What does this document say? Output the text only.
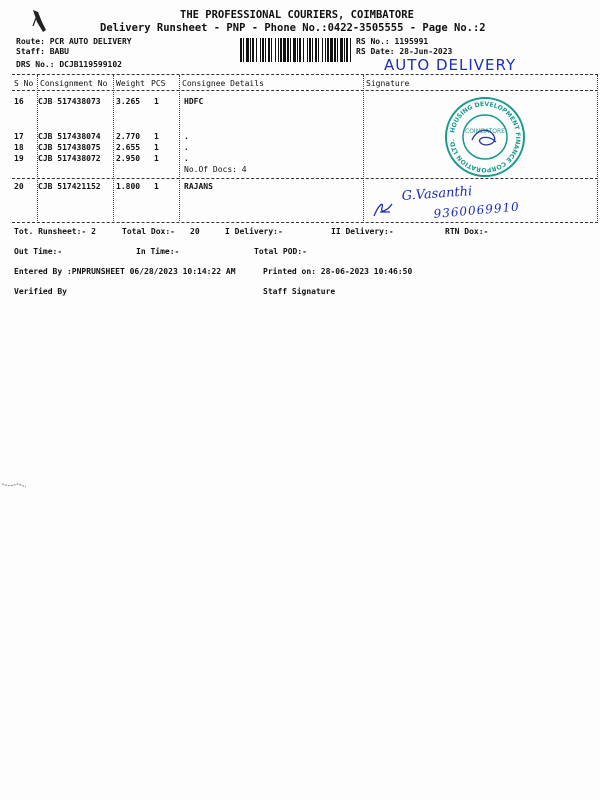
THE PROFESSIONAL COURIERS, COIMBATORE
Delivery Runsheet - PNP - Phone No.:0422-3505555 - Page No.:2
Route: PCR AUTO DELIVERY
Staff: BABU
DRS No.: DCJB119599102
RS No.: 1195991
RS Date: 28-Jun-2023
AUTO DELIVERY
S No Consignment No Weight PCS Consignee Details	Signature
16 CJB 517438073 3.265 1	HDFC
17 CJB 517438074 2.770 1	.
18 CJB 517438075 2.655 1	.
19 CJB 517438072 2.950 1	.
No.Of Docs: 4
20 CJB 517421152 1.800 1	RAJANS
HOUSING DEVELOPMENT FINANCE CORPORATION LTD.
COIMBATORE
G.Vasanthi
9360069910
Tot. Runsheet:- 2	Total Dox:- 20	I Delivery:-	II Delivery:-	RTN Dox:-
Out Time:-	In Time:-	Total POD:-
Entered By :PNPRUNSHEET 06/28/2023 10:14:22 AM	Printed on: 28-06-2023 10:46:50
Verified By	Staff Signature
